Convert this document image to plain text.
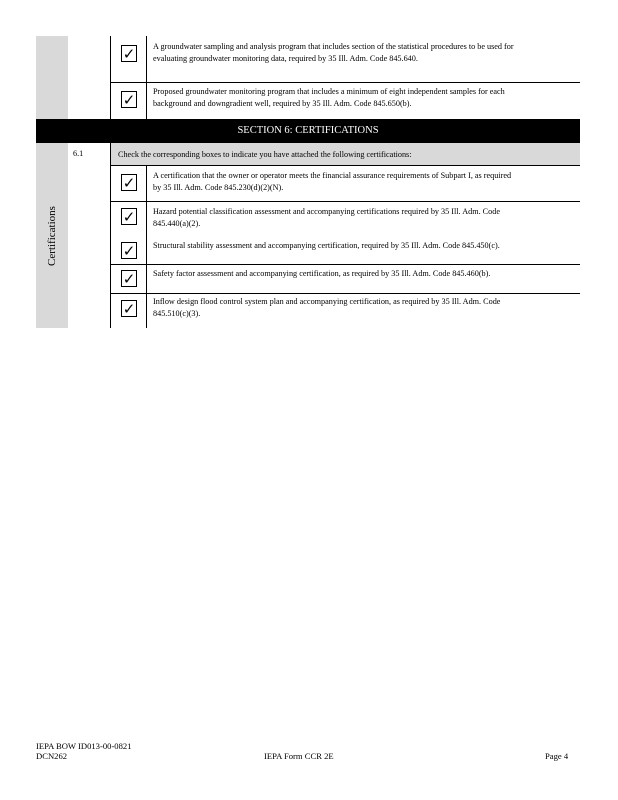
✓ A groundwater sampling and analysis program that includes section of the statistical procedures to be used for evaluating groundwater monitoring data, required by 35 Ill. Adm. Code 845.640.
✓ Proposed groundwater monitoring program that includes a minimum of eight independent samples for each background and downgradient well, required by 35 Ill. Adm. Code 845.650(b).
SECTION 6: CERTIFICATIONS
Certifications
6.1	Check the corresponding boxes to indicate you have attached the following certifications:
✓ A certification that the owner or operator meets the financial assurance requirements of Subpart I, as required by 35 Ill. Adm. Code 845.230(d)(2)(N).
✓ Hazard potential classification assessment and accompanying certifications required by 35 Ill. Adm. Code 845.440(a)(2).
✓ Structural stability assessment and accompanying certification, required by 35 Ill. Adm. Code 845.450(c).
✓ Safety factor assessment and accompanying certification, as required by 35 Ill. Adm. Code 845.460(b).
✓ Inflow design flood control system plan and accompanying certification, as required by 35 Ill. Adm. Code 845.510(c)(3).
IEPA BOW ID013-00-0821
DCN262	IEPA Form CCR 2E	Page 4
